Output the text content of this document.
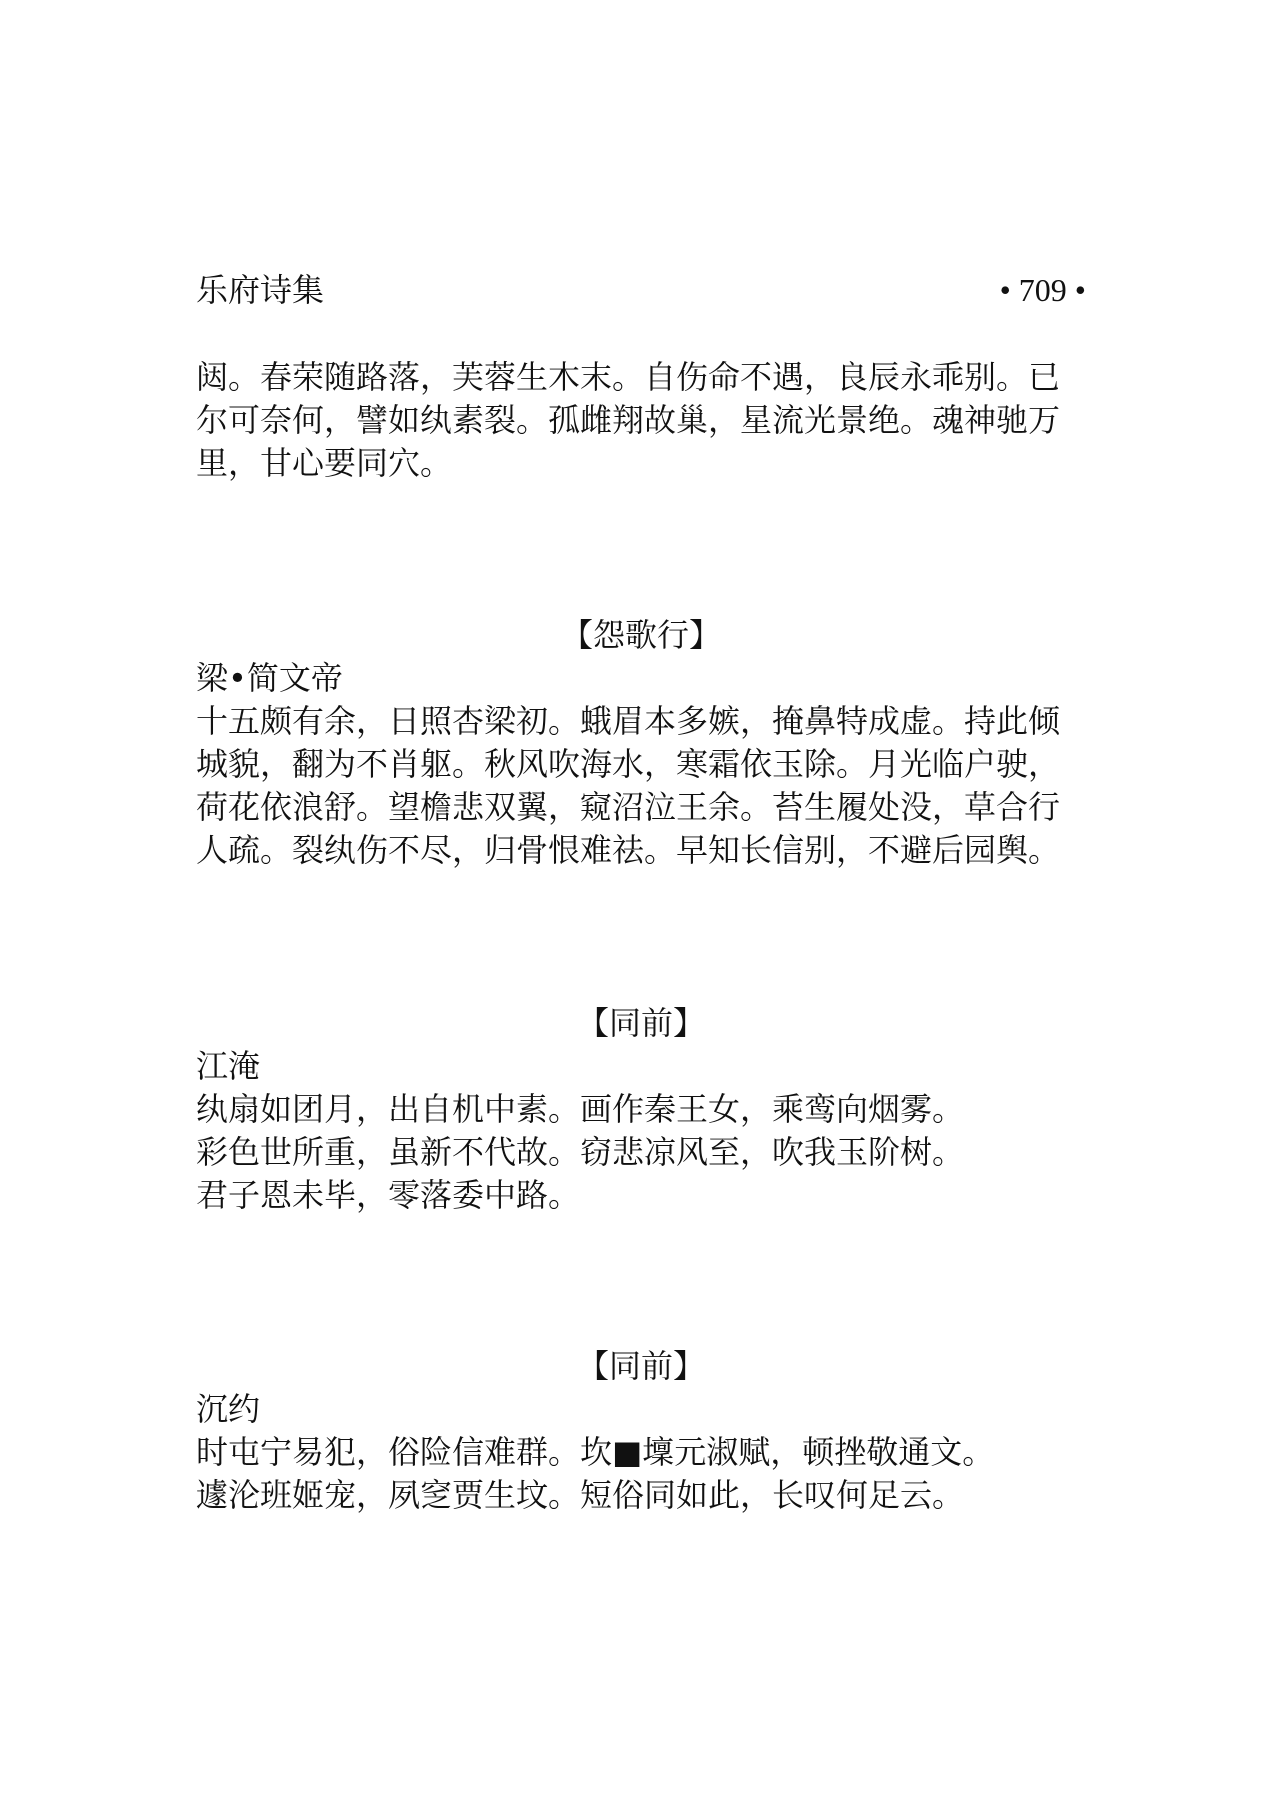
乐府诗集	• 709 •
闼。春荣随路落，芙蓉生木末。自伤命不遇，良辰永乖别。已
尔可奈何，譬如纨素裂。孤雌翔故巢，星流光景绝。魂神驰万
里，甘心要同穴。

【怨歌行】

梁•简文帝

十五颇有余，日照杏梁初。蛾眉本多嫉，掩鼻特成虚。持此倾
城貌，翻为不肖躯。秋风吹海水，寒霜依玉除。月光临户驶，
荷花依浪舒。望檐悲双翼，窥沼泣王余。苔生履处没，草合行
人疏。裂纨伤不尽，归骨恨难祛。早知长信别，不避后园舆。

【同前】

江淹

纨扇如团月，出自机中素。画作秦王女，乘鸾向烟雾。
彩色世所重，虽新不代故。窃悲凉风至，吹我玉阶树。
君子恩未毕，零落委中路。

【同前】

沉约

时屯宁易犯，俗险信难群。坎■壈元淑赋，顿挫敬通文。
遽沦班姬宠，夙窆贾生坟。短俗同如此，长叹何足云。
